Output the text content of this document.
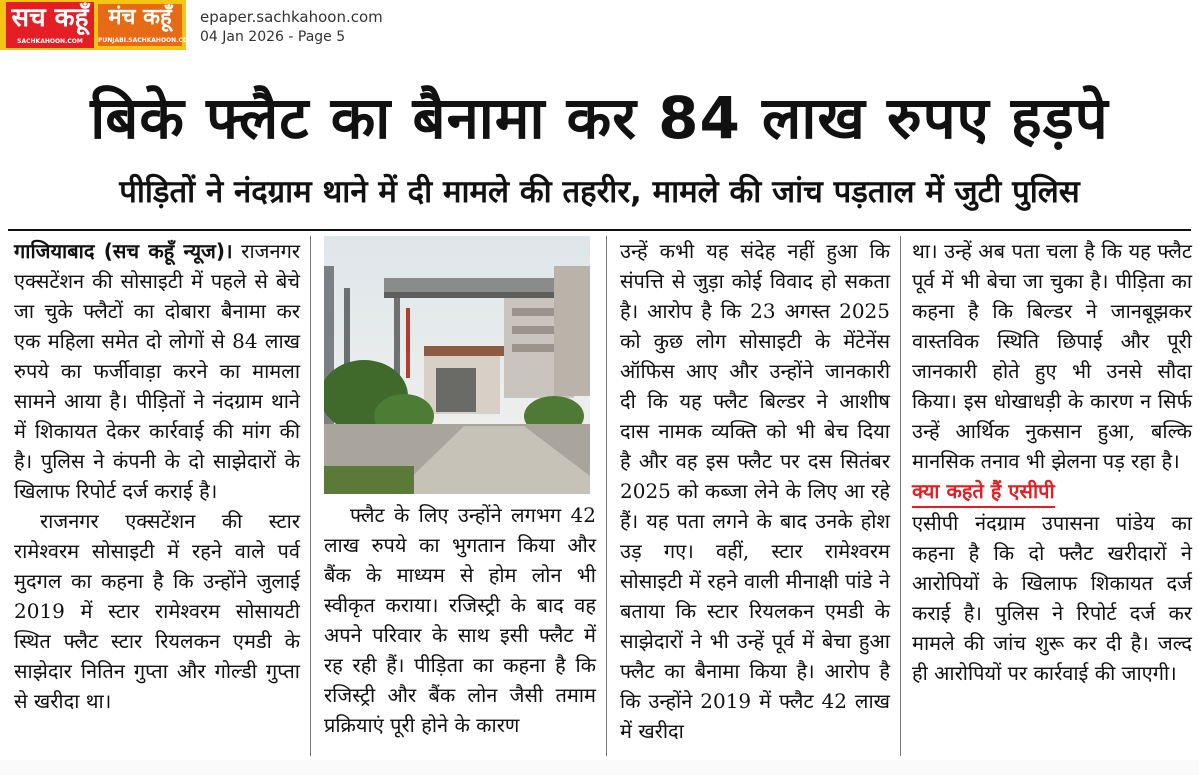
सच कहूँ
SACHKAHOON.COM
मंच कहूँ
PUNJABI.SACHKAHOON.COM
epaper.sachkahoon.com
04 Jan 2026 - Page 5
बिके फ्लैट का बैनामा कर 84 लाख रुपए हड़पे
पीड़ितों ने नंदग्राम थाने में दी मामले की तहरीर, मामले की जांच पड़ताल में जुटी पुलिस
गाजियाबाद (सच कहूँ न्यूज)। राजनगर एक्सटेंशन की सोसाइटी में पहले से बेचे जा चुके फ्लैटों का दोबारा बैनामा कर एक महिला समेत दो लोगों से 84 लाख रुपये का फर्जीवाड़ा करने का मामला सामने आया है। पीड़ितों ने नंदग्राम थाने में शिकायत देकर कार्रवाई की मांग की है। पुलिस ने कंपनी के दो साझेदारों के खिलाफ रिपोर्ट दर्ज कराई है।
राजनगर एक्सटेंशन की स्टार रामेश्वरम सोसाइटी में रहने वाले पर्व मुदगल का कहना है कि उन्होंने जुलाई 2019 में स्टार रामेश्वरम सोसायटी स्थित फ्लैट स्टार रियलकन एमडी के साझेदार नितिन गुप्ता और गोल्डी गुप्ता से खरीदा था।
फ्लैट के लिए उन्होंने लगभग 42 लाख रुपये का भुगतान किया और बैंक के माध्यम से होम लोन भी स्वीकृत कराया। रजिस्ट्री के बाद वह अपने परिवार के साथ इसी फ्लैट में रह रही हैं। पीड़िता का कहना है कि रजिस्ट्री और बैंक लोन जैसी तमाम प्रक्रियाएं पूरी होने के कारण
उन्हें कभी यह संदेह नहीं हुआ कि संपत्ति से जुड़ा कोई विवाद हो सकता है। आरोप है कि 23 अगस्त 2025 को कुछ लोग सोसाइटी के मेंटेनेंस ऑफिस आए और उन्होंने जानकारी दी कि यह फ्लैट बिल्डर ने आशीष दास नामक व्यक्ति को भी बेच दिया है और वह इस फ्लैट पर दस सितंबर 2025 को कब्जा लेने के लिए आ रहे हैं। यह पता लगने के बाद उनके होश उड़ गए। वहीं, स्टार रामेश्वरम सोसाइटी में रहने वाली मीनाक्षी पांडे ने बताया कि स्टार रियलकन एमडी के साझेदारों ने भी उन्हें पूर्व में बेचा हुआ फ्लैट का बैनामा किया है। आरोप है कि उन्होंने 2019 में फ्लैट 42 लाख में खरीदा
था। उन्हें अब पता चला है कि यह फ्लैट पूर्व में भी बेचा जा चुका है। पीड़िता का कहना है कि बिल्डर ने जानबूझकर वास्तविक स्थिति छिपाई और पूरी जानकारी होते हुए भी उनसे सौदा किया। इस धोखाधड़ी के कारण न सिर्फ उन्हें आर्थिक नुकसान हुआ, बल्कि मानसिक तनाव भी झेलना पड़ रहा है।
क्या कहते हैं एसीपी
एसीपी नंदग्राम उपासना पांडेय का कहना है कि दो फ्लैट खरीदारों ने आरोपियों के खिलाफ शिकायत दर्ज कराई है। पुलिस ने रिपोर्ट दर्ज कर मामले की जांच शुरू कर दी है। जल्द ही आरोपियों पर कार्रवाई की जाएगी।
